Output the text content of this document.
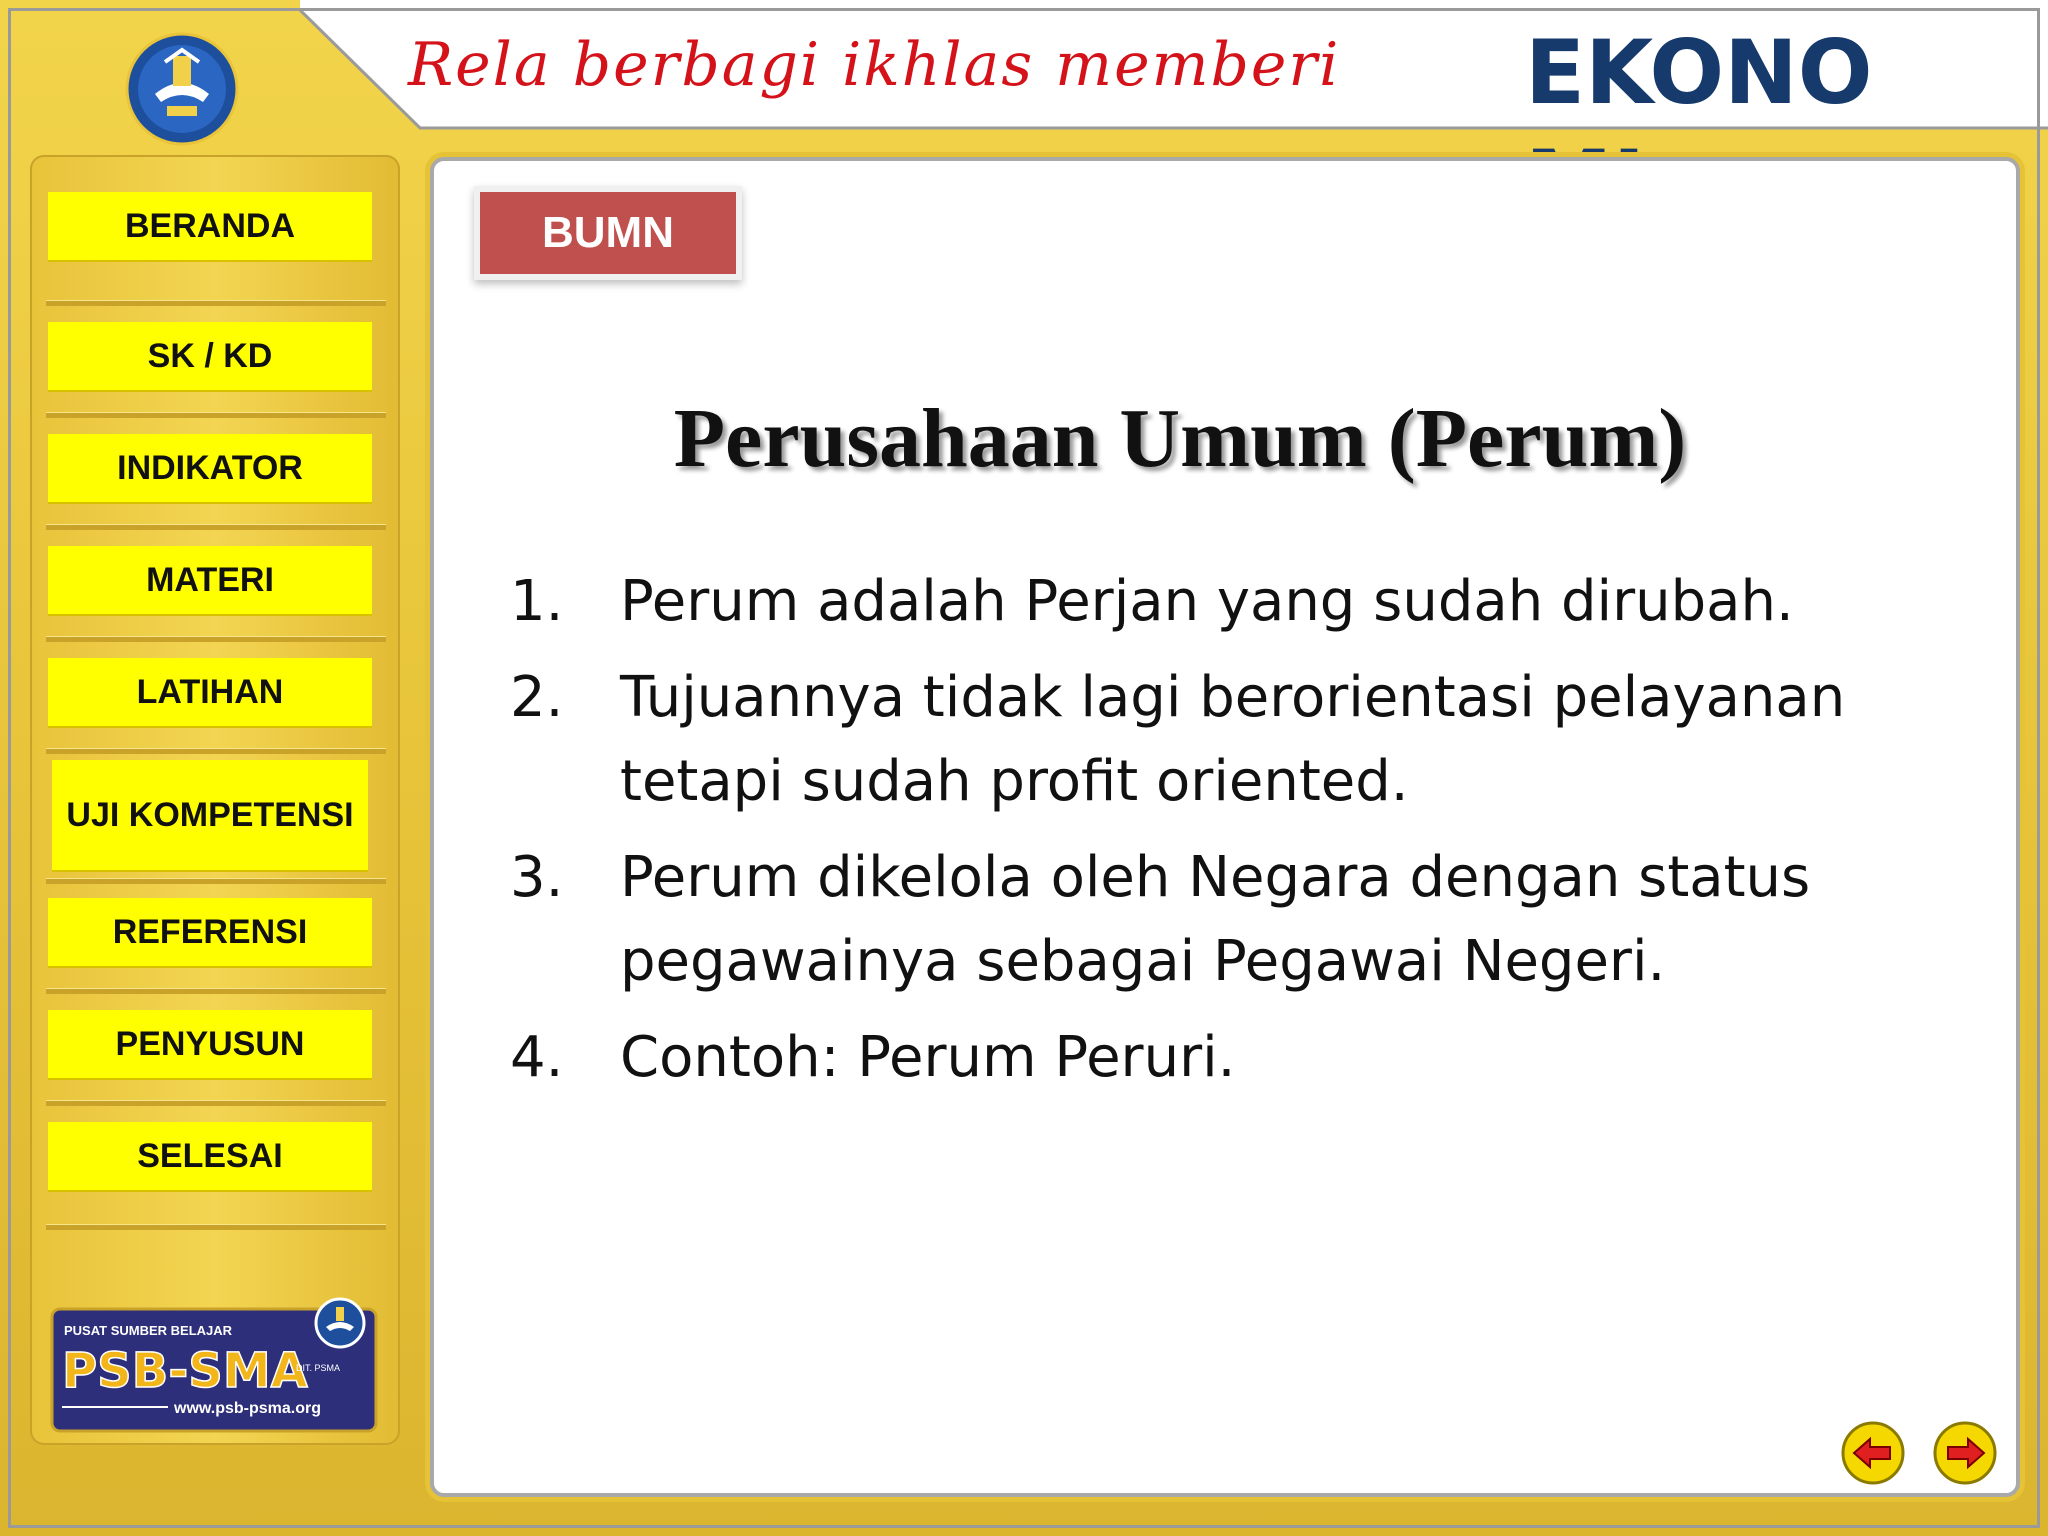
Rela berbagi ikhlas memberi EKONO
BERANDA
SK / KD
INDIKATOR
MATERI
LATIHAN
UJI KOMPETENSI
REFERENSI
PENYUSUN
SELESAI
PUSAT SUMBER BELAJAR
PSB-SMA
DIT. PSMA
www.psb-psma.org
BUMN
Perusahaan Umum (Perum)
1.	Perum adalah Perjan yang sudah dirubah.
2.	Tujuannya tidak lagi berorientasi pelayanan tetapi sudah profit oriented.
3.	Perum dikelola oleh Negara dengan status pegawainya sebagai Pegawai Negeri.
4.	Contoh: Perum Peruri.
